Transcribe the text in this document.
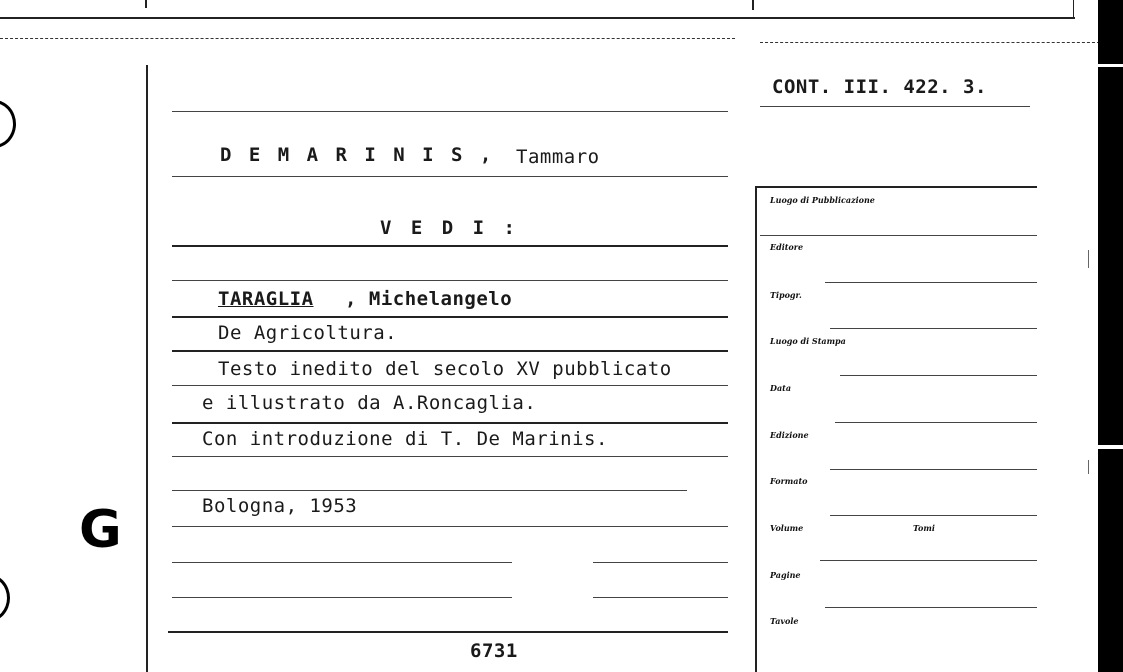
G
CONT. III. 422. 3.
D E M A R I N I S , Tammaro
V E D I :
TARAGLIA , Michelangelo
De Agricoltura.
Testo inedito del secolo XV pubblicato
e illustrato da A.Roncaglia.
Con introduzione di T. De Marinis.
Bologna, 1953
6731
Luogo di Pubblicazione
Editore
Tipogr.
Luogo di Stampa
Data
Edizione
Formato
Volume	Tomi
Pagine
Tavole
